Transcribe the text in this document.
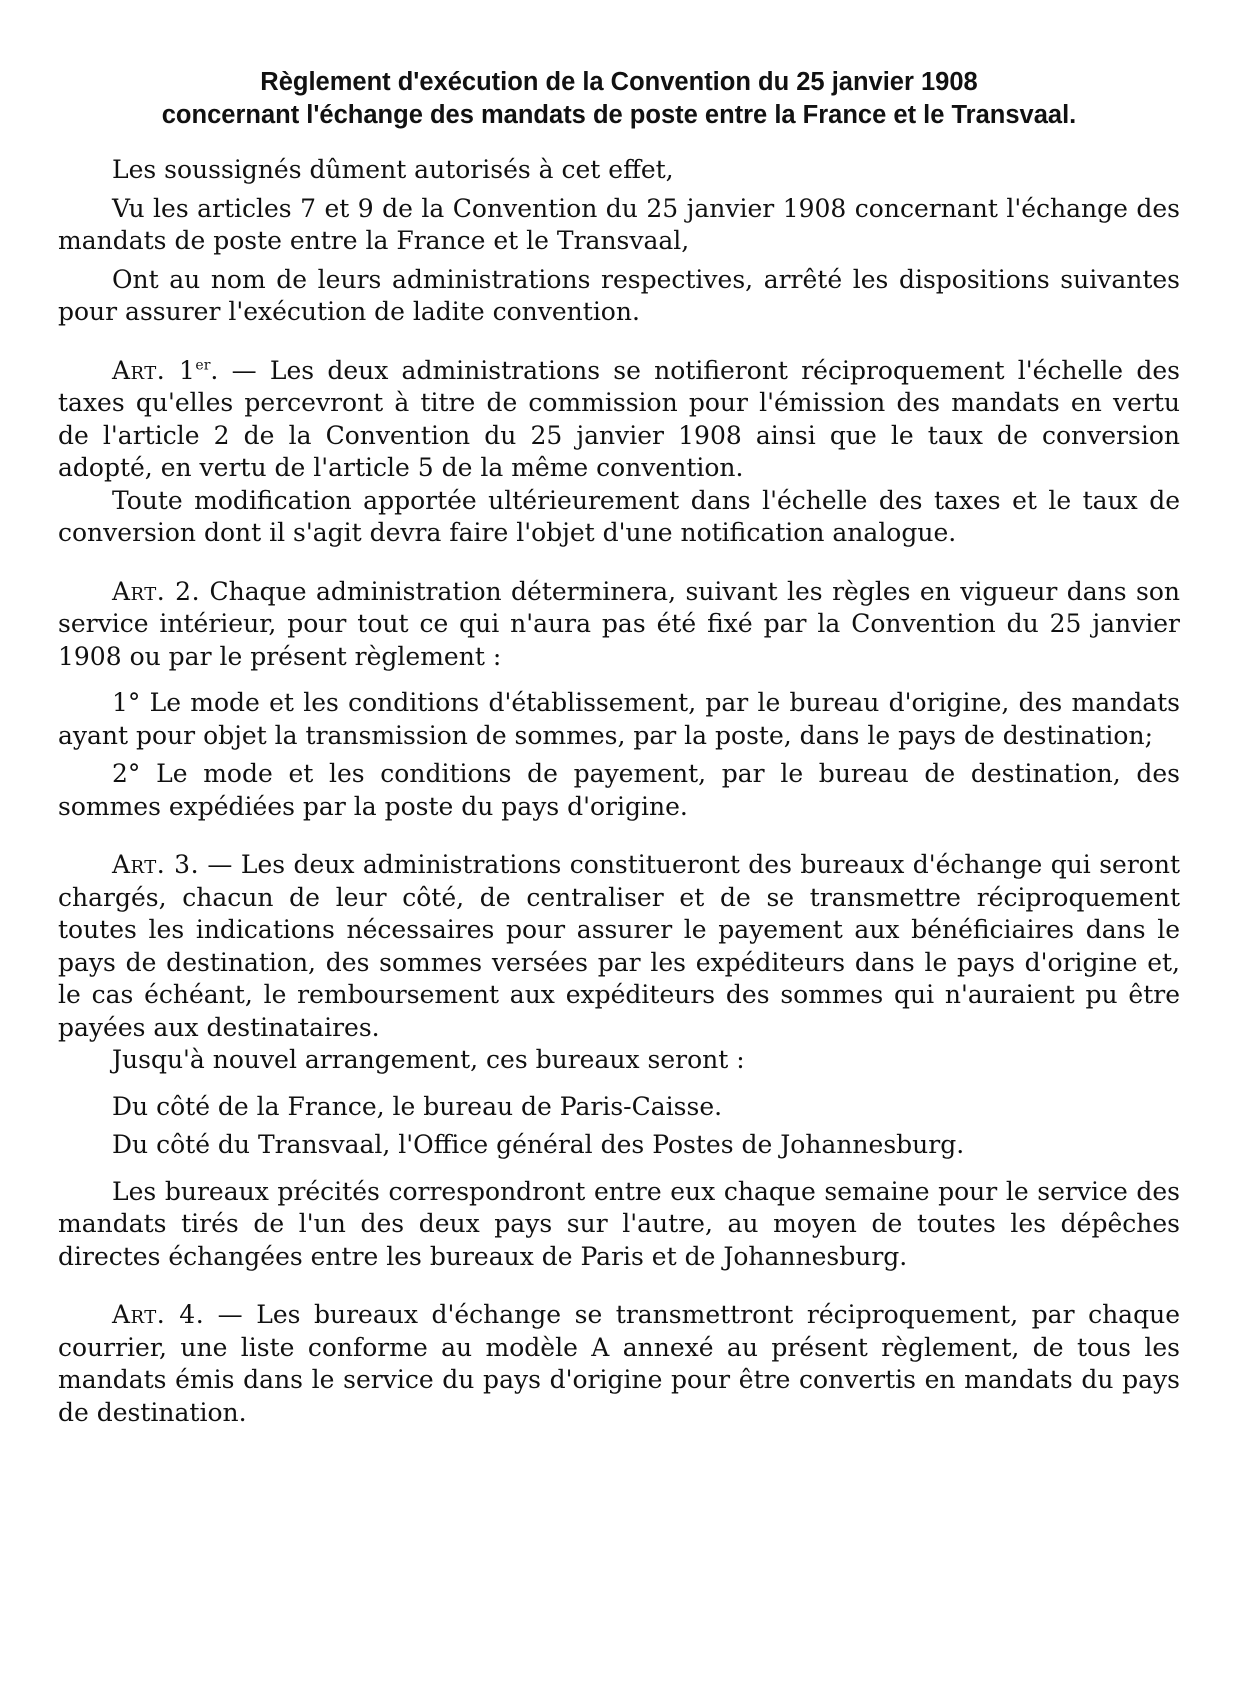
Règlement d'exécution de la Convention du 25 janvier 1908
concernant l'échange des mandats de poste entre la France et le Transvaal.

Les soussignés dûment autorisés à cet effet,

Vu les articles 7 et 9 de la Convention du 25 janvier 1908 concernant l'échange des mandats de poste entre la France et le Transvaal,

Ont au nom de leurs administrations respectives, arrêté les dispositions suivantes pour assurer l'exécution de ladite convention.

Art. 1er. — Les deux administrations se notifieront réciproquement l'échelle des taxes qu'elles percevront à titre de commission pour l'émission des mandats en vertu de l'article 2 de la Convention du 25 janvier 1908 ainsi que le taux de conversion adopté, en vertu de l'article 5 de la même convention.

Toute modification apportée ultérieurement dans l'échelle des taxes et le taux de conversion dont il s'agit devra faire l'objet d'une notification analogue.

Art. 2. Chaque administration déterminera, suivant les règles en vigueur dans son service intérieur, pour tout ce qui n'aura pas été fixé par la Convention du 25 janvier 1908 ou par le présent règlement :

1° Le mode et les conditions d'établissement, par le bureau d'origine, des mandats ayant pour objet la transmission de sommes, par la poste, dans le pays de destination;

2° Le mode et les conditions de payement, par le bureau de destination, des sommes expédiées par la poste du pays d'origine.

Art. 3. — Les deux administrations constitueront des bureaux d'échange qui seront chargés, chacun de leur côté, de centraliser et de se transmettre réciproquement toutes les indications nécessaires pour assurer le payement aux bénéficiaires dans le pays de destination, des sommes versées par les expéditeurs dans le pays d'origine et, le cas échéant, le remboursement aux expéditeurs des sommes qui n'auraient pu être payées aux destinataires.

Jusqu'à nouvel arrangement, ces bureaux seront :

Du côté de la France, le bureau de Paris-Caisse.

Du côté du Transvaal, l'Office général des Postes de Johannesburg.

Les bureaux précités correspondront entre eux chaque semaine pour le service des mandats tirés de l'un des deux pays sur l'autre, au moyen de toutes les dépêches directes échangées entre les bureaux de Paris et de Johannesburg.

Art. 4. — Les bureaux d'échange se transmettront réciproquement, par chaque courrier, une liste conforme au modèle A annexé au présent règlement, de tous les mandats émis dans le service du pays d'origine pour être convertis en mandats du pays de destination.
